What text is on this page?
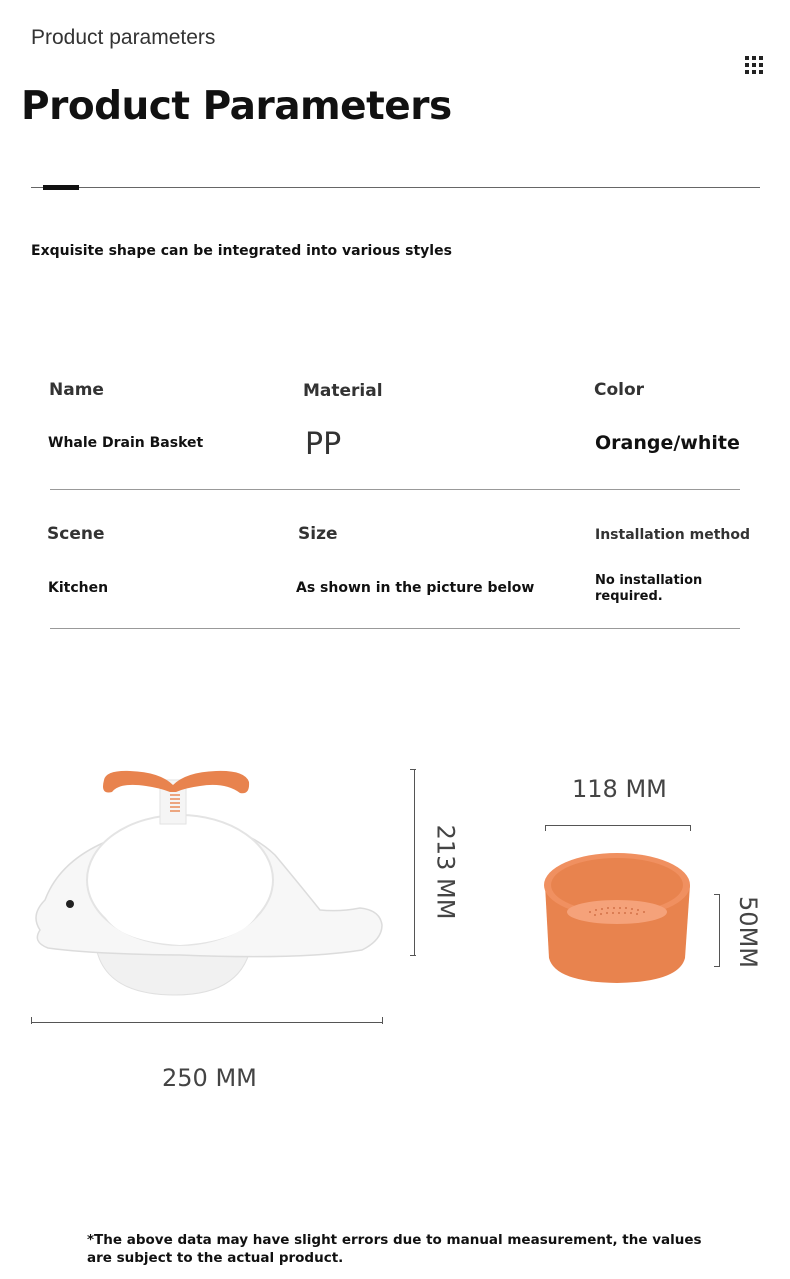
Product parameters
Product Parameters
Exquisite shape can be integrated into various styles
Name	Material	Color
Whale Drain Basket	PP	Orange/white
Scene	Size	Installation method
Kitchen	As shown in the picture below	No installation required.
250 MM
213 MM
118 MM
50MM
*The above data may have slight errors due to manual measurement, the values are subject to the actual product.
